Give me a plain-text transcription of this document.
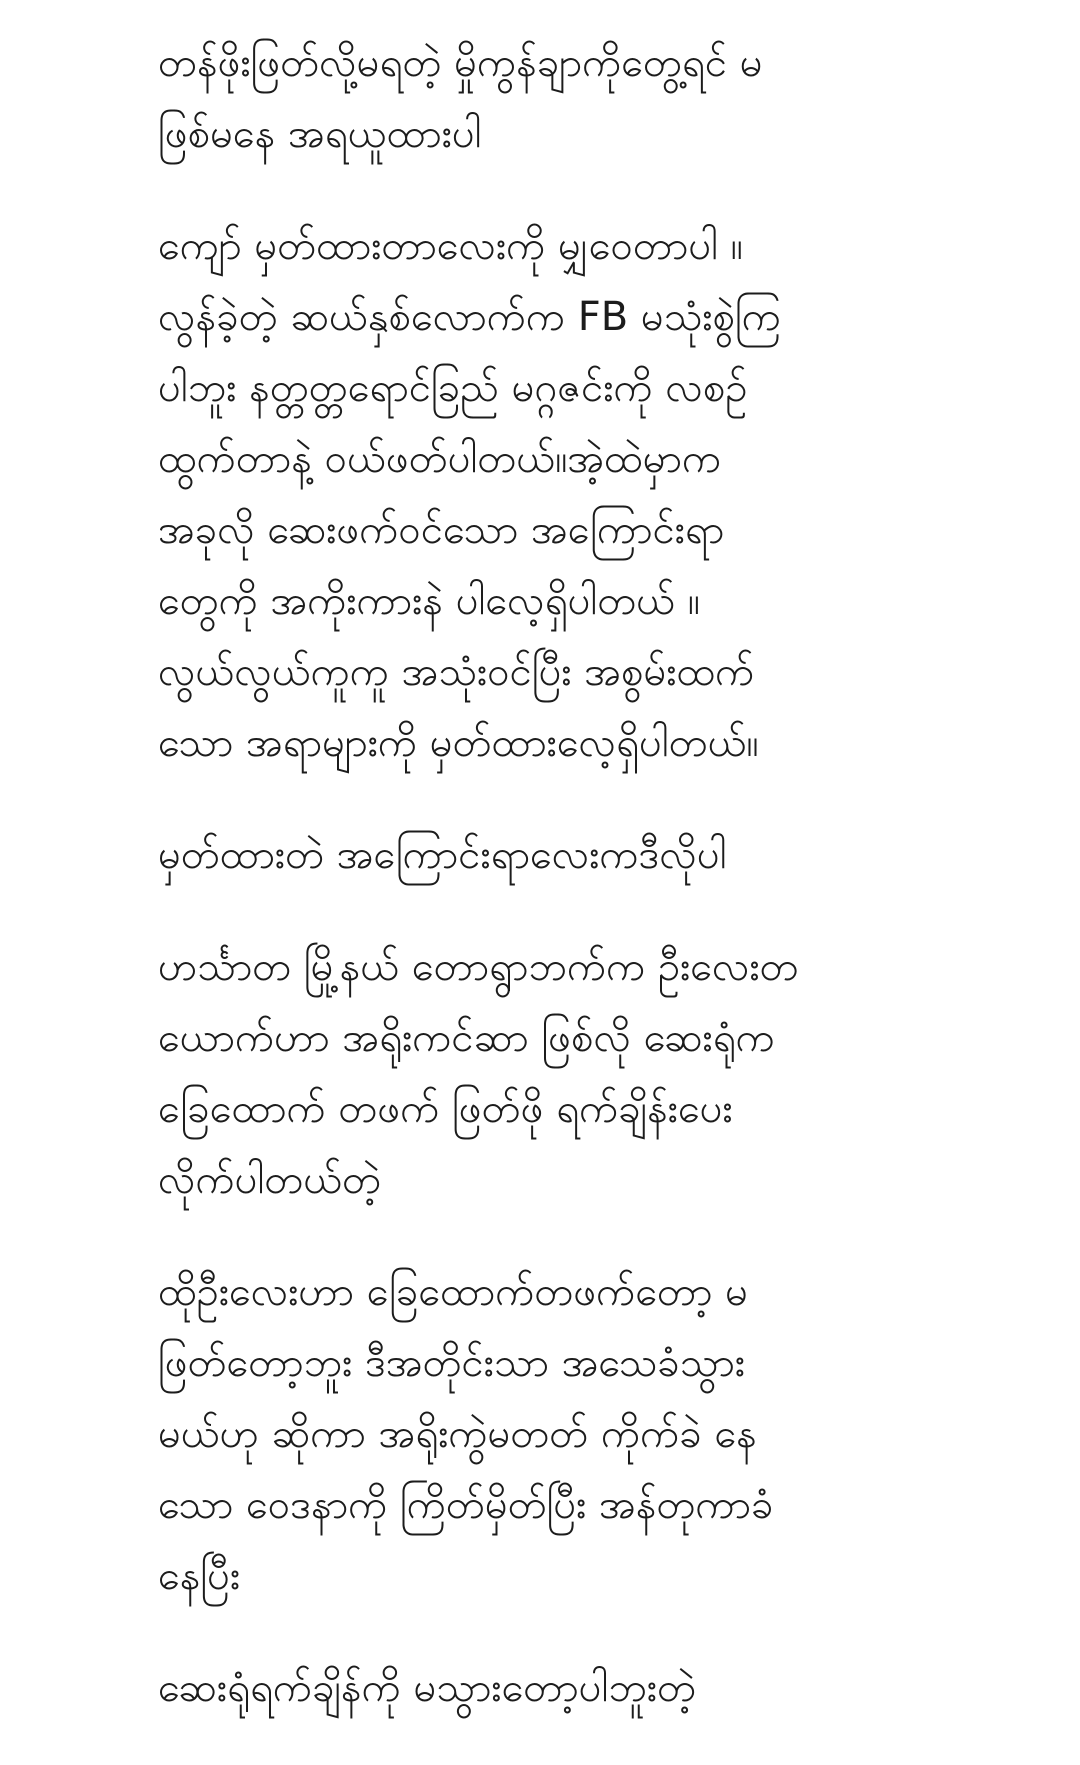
တန်ဖိုးဖြတ်လို့မရတဲ့ မှိုကွန်ချာကိုတွေ့ရင် မ
ဖြစ်မနေ အရယူထားပါ

ကျော် မှတ်ထားတာလေးကို မျှဝေတာပါ ။
လွန်ခဲ့တဲ့ ဆယ်နှစ်လောက်က FB မသုံးစွဲကြ
ပါဘူး နတ္တတ္တရောင်ခြည် မဂ္ဂဇင်းကို လစဉ်
ထွက်တာနဲ့ ဝယ်ဖတ်ပါတယ်။အဲ့ထဲမှာက
အခုလို ဆေးဖက်ဝင်သော အကြောင်းရာ
တွေကို အကိုးကားနဲ ပါလေ့ရှိပါတယ် ။
လွယ်လွယ်ကူကူ အသုံးဝင်ပြီး အစွမ်းထက်
သော အရာများကို မှတ်ထားလေ့ရှိပါတယ်။

မှတ်ထားတဲ အကြောင်းရာလေးကဒီလိုပါ

ဟင်္သာတ မြို့နယ် တောရွာဘက်က ဦးလေးတ
ယောက်ဟာ အရိုးကင်ဆာ ဖြစ်လို ဆေးရုံက
ခြေထောက် တဖက် ဖြတ်ဖို ရက်ချိန်းပေး
လိုက်ပါတယ်တဲ့

ထိုဦးလေးဟာ ခြေထောက်တဖက်တော့ မ
ဖြတ်တော့ဘူး ဒီအတိုင်းသာ အသေခံသွား
မယ်ဟု ဆိုကာ အရိုးကွဲမတတ် ကိုက်ခဲ နေ
သော ဝေဒနာကို ကြိတ်မှိတ်ပြီး အန်တုကာခံ
နေပြီး

ဆေးရုံရက်ချိန်ကို မသွားတော့ပါဘူးတဲ့
